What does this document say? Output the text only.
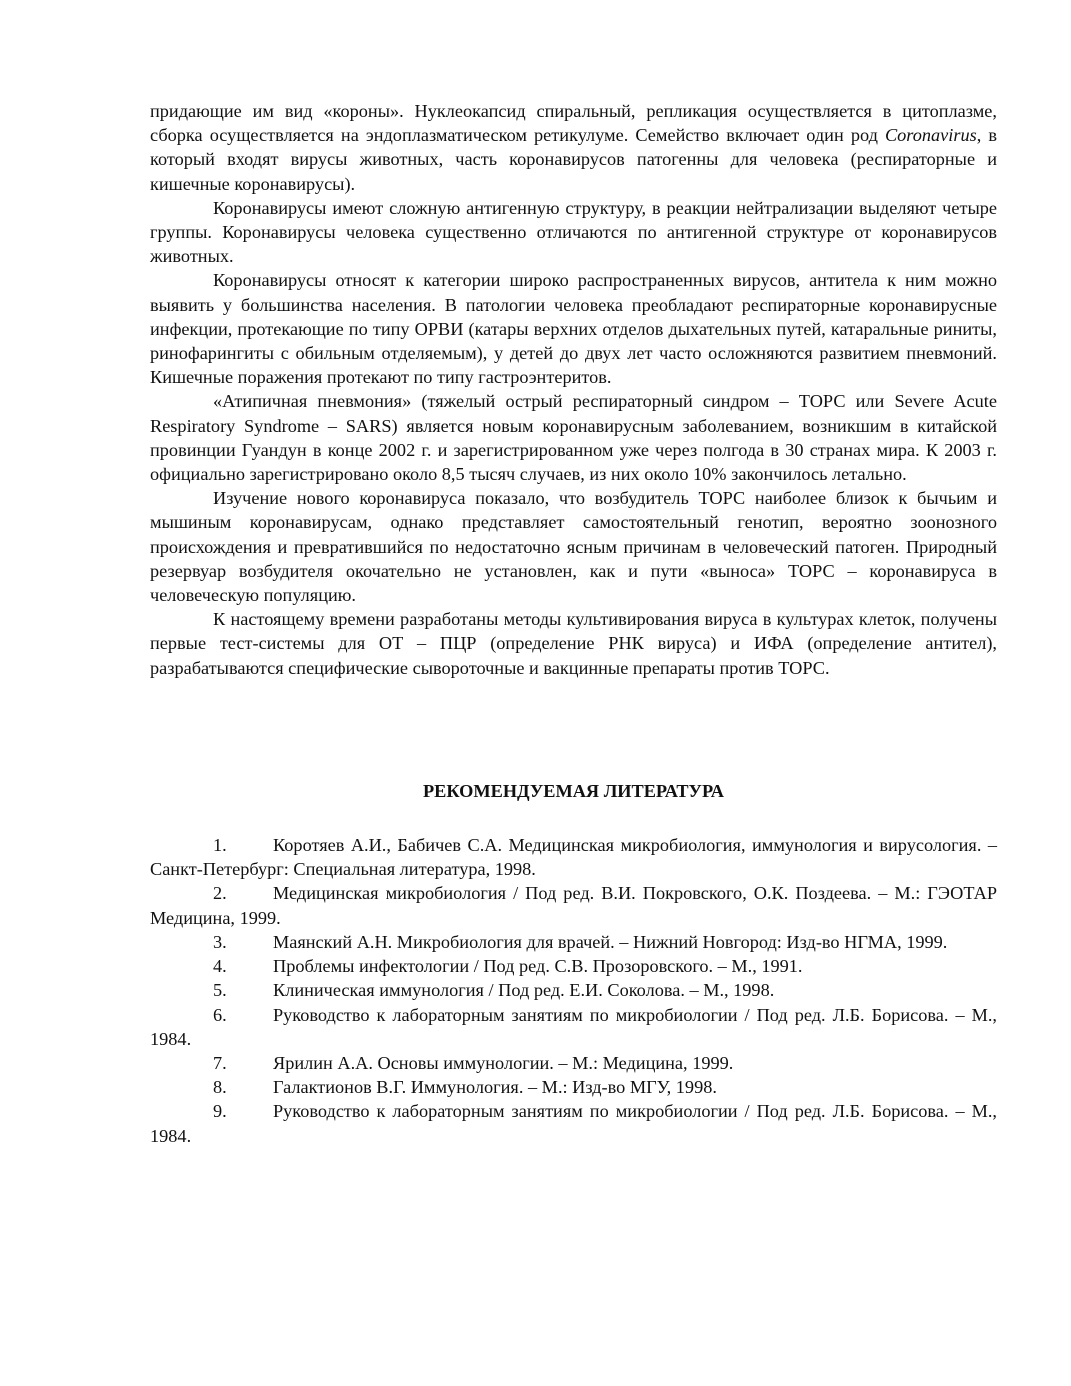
придающие им вид «короны». Нуклеокапсид спиральный, репликация осуществляется в цитоплазме, сборка осуществляется на эндоплазматическом ретикулуме. Семейство включает один род Coronavirus, в который входят вирусы животных, часть коронавирусов патогенны для человека (респираторные и кишечные коронавирусы).

Коронавирусы имеют сложную антигенную структуру, в реакции нейтрализации выделяют четыре группы. Коронавирусы человека существенно отличаются по антигенной структуре от коронавирусов животных.

Коронавирусы относят к категории широко распространенных вирусов, антитела к ним можно выявить у большинства населения. В патологии человека преобладают респираторные коронавирусные инфекции, протекающие по типу ОРВИ (катары верхних отделов дыхательных путей, катаральные риниты, ринофарингиты с обильным отделяемым), у детей до двух лет часто осложняются развитием пневмоний. Кишечные поражения протекают по типу гастроэнтеритов.

«Атипичная пневмония» (тяжелый острый респираторный синдром – ТОРС или Severe Acute Respiratory Syndrome – SARS) является новым коронавирусным заболеванием, возникшим в китайской провинции Гуандун в конце 2002 г. и зарегистрированном уже через полгода в 30 странах мира. К 2003 г. официально зарегистрировано около 8,5 тысяч случаев, из них около 10% закончилось летально.

Изучение нового коронавируса показало, что возбудитель ТОРС наиболее близок к бычьим и мышиным коронавирусам, однако представляет самостоятельный генотип, вероятно зоонозного происхождения и превратившийся по недостаточно ясным причинам в человеческий патоген. Природный резервуар возбудителя окочательно не установлен, как и пути «выноса» ТОРС – коронавируса в человеческую популяцию.

К настоящему времени разработаны методы культивирования вируса в культурах клеток, получены первые тест-системы для ОТ – ПЦР (определение РНК вируса) и ИФА (определение антител), разрабатываются специфические сывороточные и вакцинные препараты против ТОРС.

РЕКОМЕНДУЕМАЯ ЛИТЕРАТУРА

1.	Коротяев А.И., Бабичев С.А. Медицинская микробиология, иммунология и вирусология. – Санкт-Петербург: Специальная литература, 1998.

2.	Медицинская микробиология / Под ред. В.И. Покровского, О.К. Поздеева. – М.: ГЭОТАР Медицина, 1999.

3.	Маянский А.Н. Микробиология для врачей. – Нижний Новгород: Изд-во НГМА, 1999.

4.	Проблемы инфектологии / Под ред. С.В. Прозоровского. – М., 1991.

5.	Клиническая иммунология / Под ред. Е.И. Соколова. – М., 1998.

6.	Руководство к лабораторным занятиям по микробиологии / Под ред. Л.Б. Борисова. – М., 1984.

7.	Ярилин А.А. Основы иммунологии. – М.: Медицина, 1999.

8.	Галактионов В.Г. Иммунология. – М.: Изд-во МГУ, 1998.

9.	Руководство к лабораторным занятиям по микробиологии / Под ред. Л.Б. Борисова. – М., 1984.
